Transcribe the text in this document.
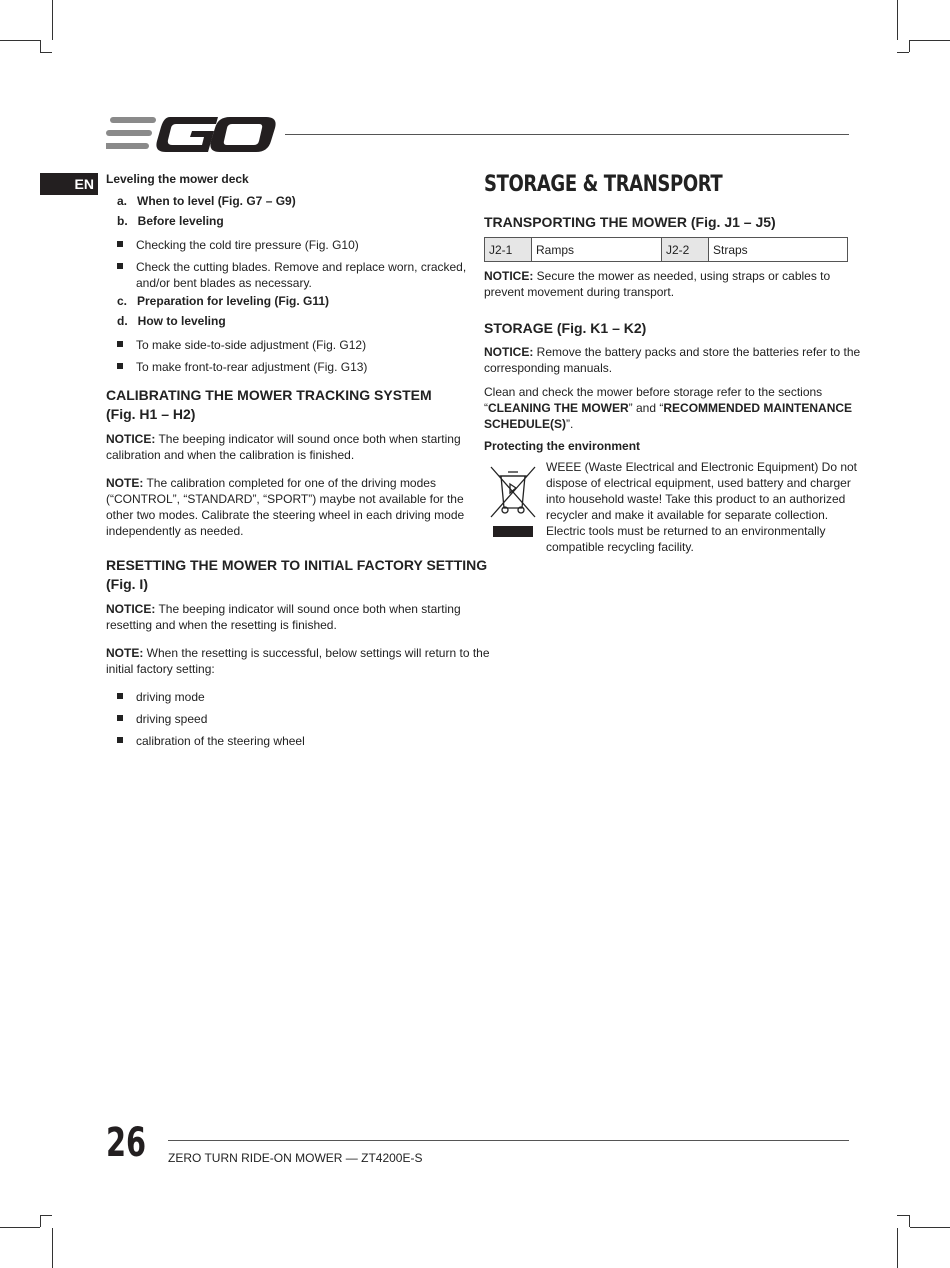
EN	Leveling the mower deck
a.   When to level (Fig. G7 – G9)
b.   Before leveling
Checking the cold tire pressure (Fig. G10)
Check the cutting blades. Remove and replace worn, cracked,
and/or bent blades as necessary.
c.   Preparation for leveling (Fig. G11)
d.   How to leveling
To make side-to-side adjustment (Fig. G12)
To make front-to-rear adjustment (Fig. G13)
CALIBRATING THE MOWER TRACKING SYSTEM
(Fig. H1 – H2)
NOTICE: The beeping indicator will sound once both when starting
calibration and when the calibration is finished.
NOTE: The calibration completed for one of the driving modes
(“CONTROL”, “STANDARD”, “SPORT”) maybe not available for the
other two modes. Calibrate the steering wheel in each driving mode
independently as needed.
RESETTING THE MOWER TO INITIAL FACTORY SETTING
(Fig. I)
NOTICE: The beeping indicator will sound once both when starting
resetting and when the resetting is finished.
NOTE: When the resetting is successful, below settings will return to the
initial factory setting:
driving mode
driving speed
calibration of the steering wheel
STORAGE & TRANSPORT
TRANSPORTING THE MOWER (Fig. J1 – J5)
J2-1	Ramps	J2-2	Straps
NOTICE: Secure the mower as needed, using straps or cables to
prevent movement during transport.
STORAGE (Fig. K1 – K2)
NOTICE: Remove the battery packs and store the batteries refer to the
corresponding manuals.
Clean and check the mower before storage refer to the sections
“CLEANING THE MOWER” and “RECOMMENDED MAINTENANCE
SCHEDULE(S)”.
Protecting the environment
WEEE (Waste Electrical and Electronic Equipment) Do not
dispose of electrical equipment, used battery and charger
into household waste! Take this product to an authorized
recycler and make it available for separate collection.
Electric tools must be returned to an environmentally
compatible recycling facility.
26 ZERO TURN RIDE-ON MOWER — ZT4200E-S
